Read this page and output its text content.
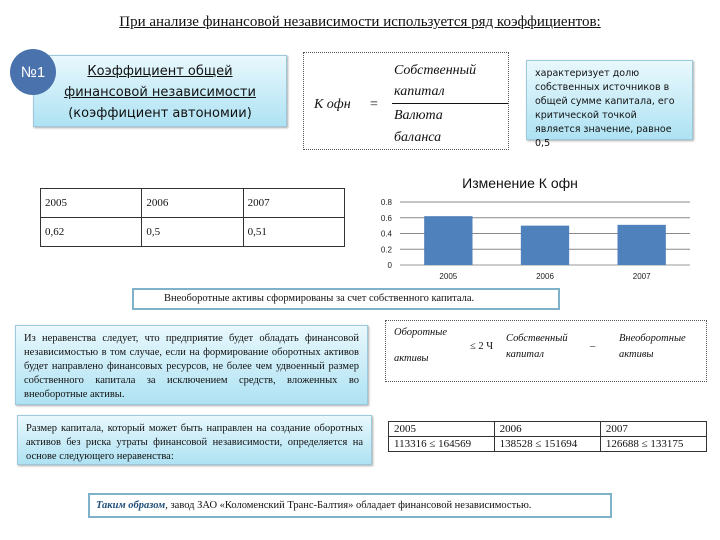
При анализе финансовой независимости используется ряд коэффициентов:
№1	Коэффициент общей
финансовой независимости
(коэффициент автономии)
К офн =
Собственный
капитал
Валюта
баланса
характеризует долю собственных источников в общей сумме капитала, его критической точкой является значение, равное 0,5
2005	2006	2007
0,62	0,5	0,51
Изменение К офн
0
0.2
0.4
0.6
0.8
2005	2006	2007
Внеоборотные активы сформированы за счет собственного капитала.
Из неравенства следует, что предприятие будет обладать финансовой независимостью в том случае, если на формирование оборотных активов будет направлено финансовых ресурсов, не более чем удвоенный размер собственного капитала за исключением средств, вложенных во внеоборотные активы.
Размер капитала, который может быть направлен на создание оборотных активов без риска утраты финансовой независимости, определяется на основе следующего неравенства:
Оборотные
активы
≤ 2 Ч
Собственный
капитал
–
Внеоборотные
активы
2005	2006	2007
113316 ≤ 164569	138528 ≤ 151694	126688 ≤ 133175
Таким образом, завод ЗАО «Коломенский Транс-Балтия» обладает финансовой независимостью.
